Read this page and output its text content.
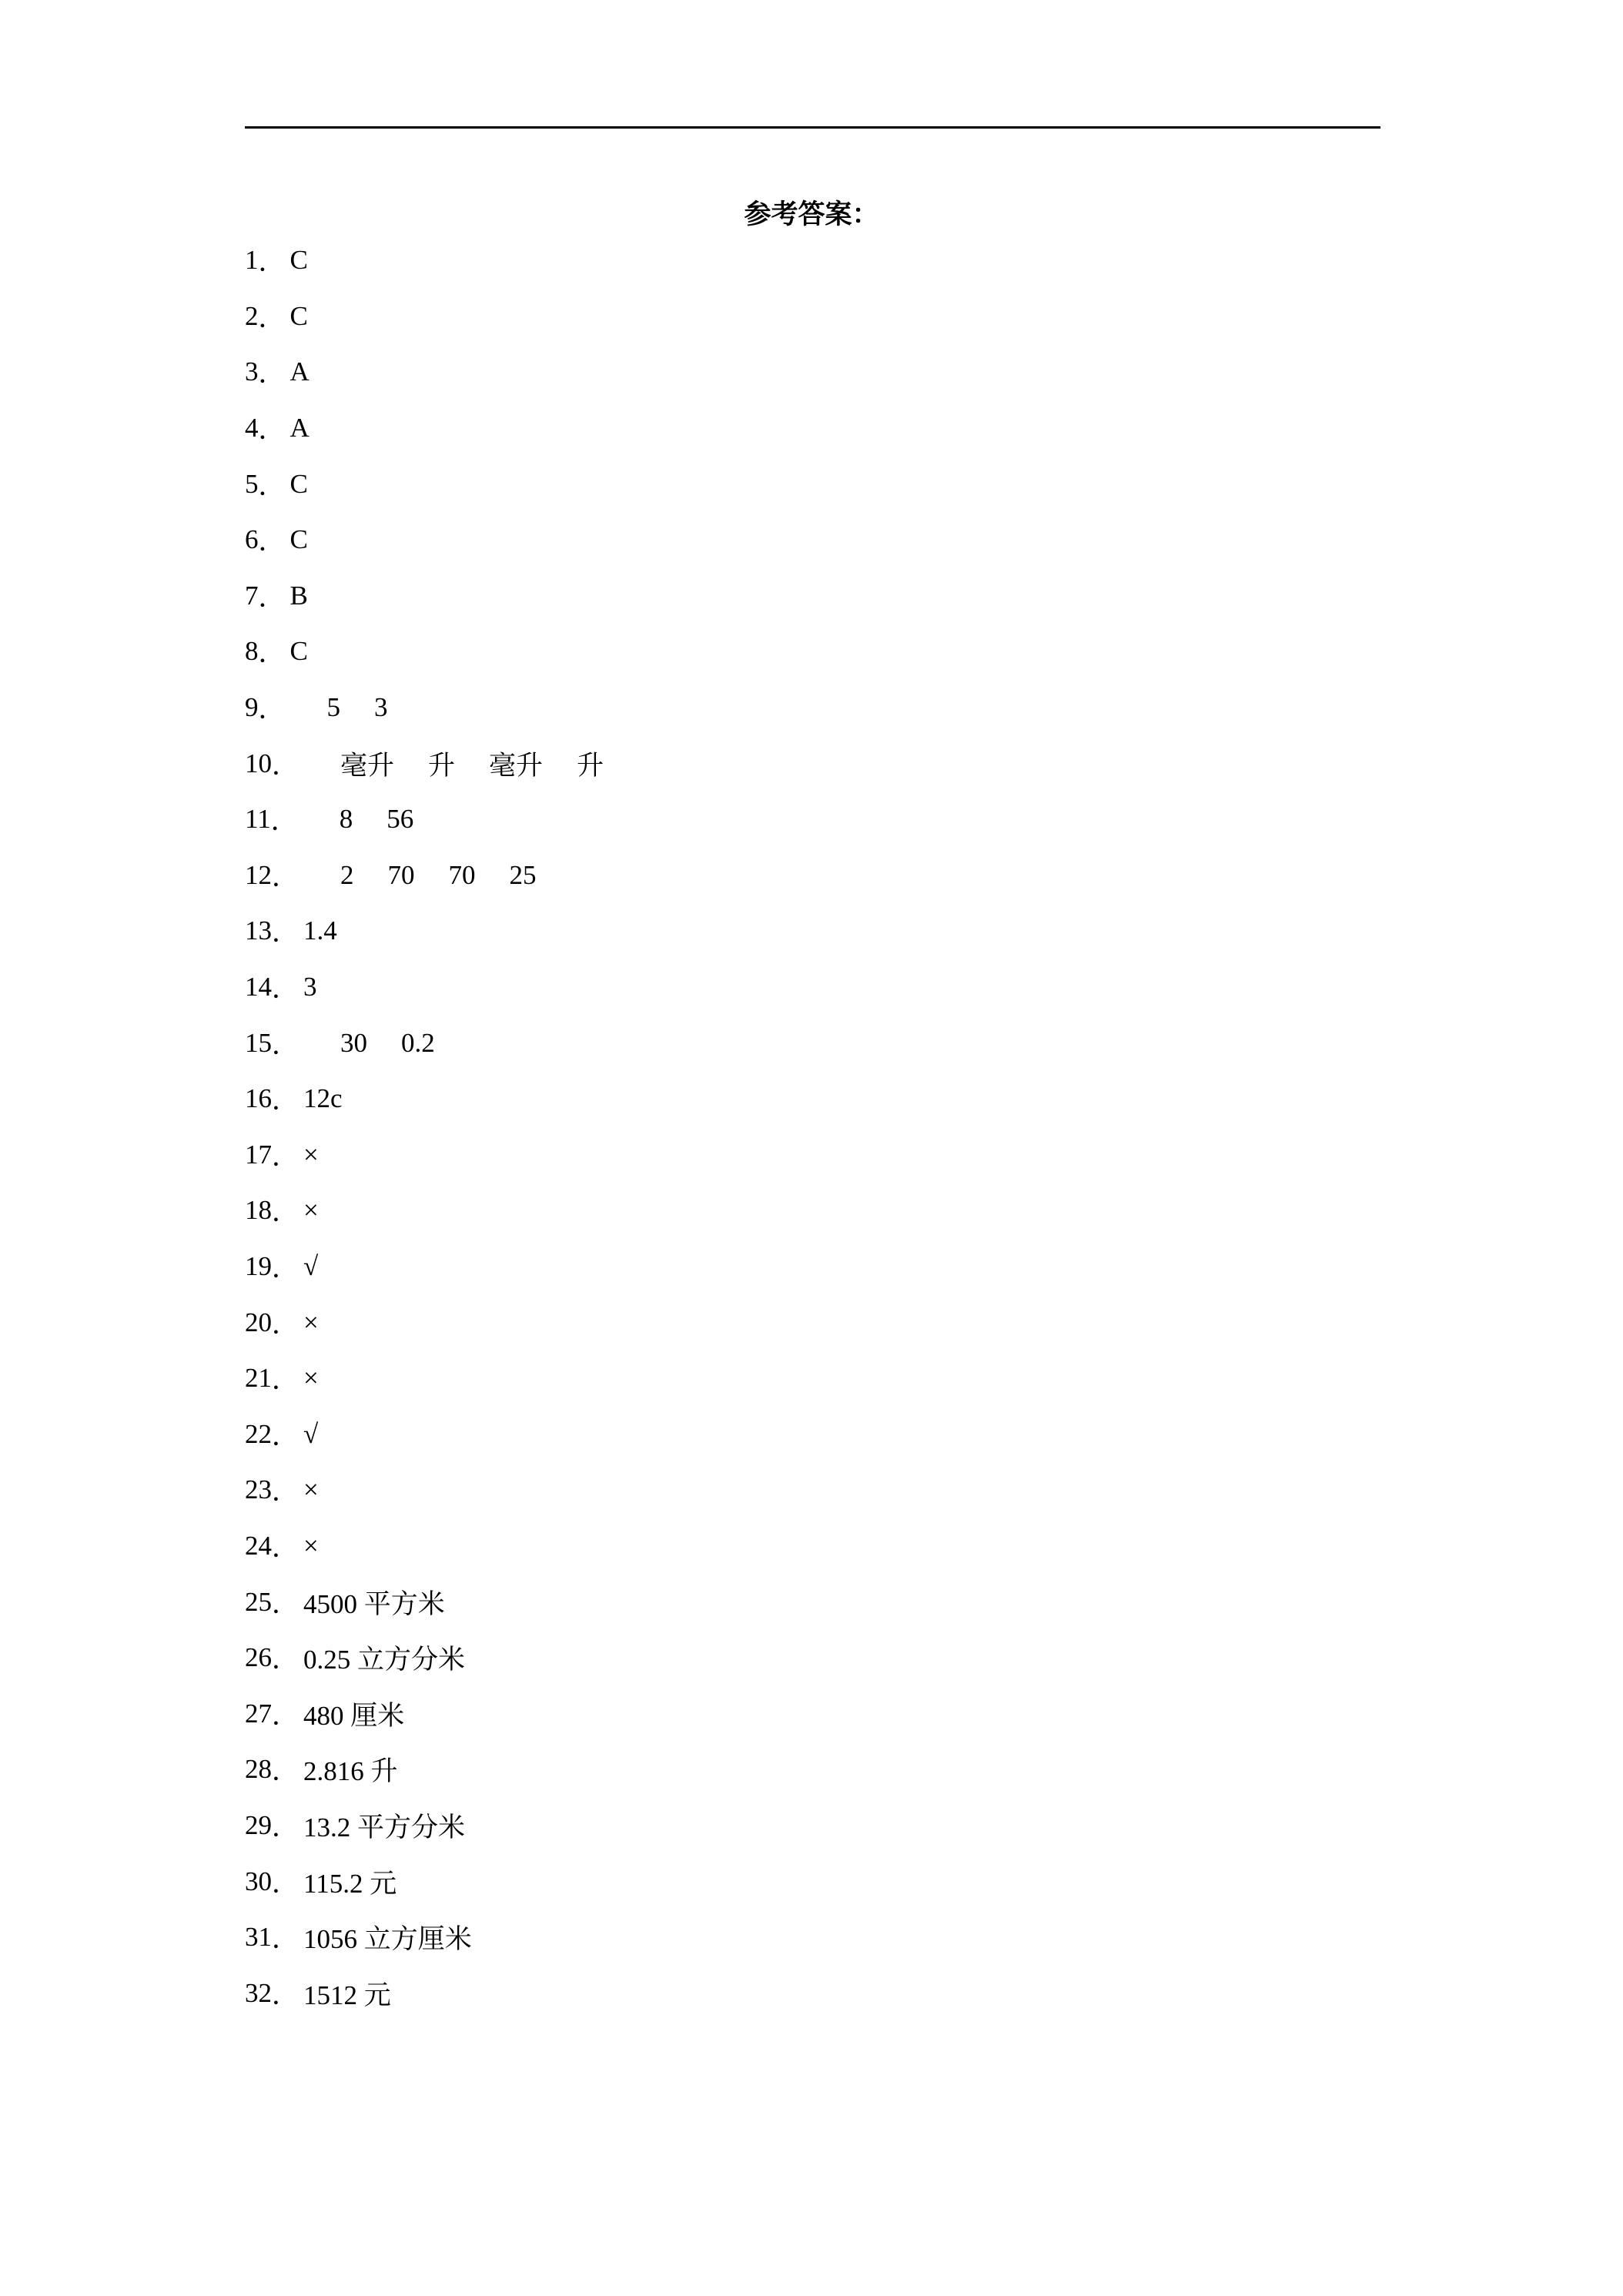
参考答案：
1 ． C
2 ． C
3 ． A
4 ． A
5 ． C
6 ． C
7 ． B
8 ． C
9 ． 5 3
10 ． 毫升 升 毫升 升
11 ． 8 56
12 ． 2 70 70 25
13 ． 1.4
14 ． 3
15 ． 30 0.2
16 ． 12c
17 ． ×
18 ． ×
19 ． √
20 ． ×
21 ． ×
22 ． √
23 ． ×
24 ． ×
25 ． 4500 平方米
26 ． 0.25 立方分米
27 ． 480 厘米
28 ． 2.816 升
29 ． 13.2 平方分米
30 ． 115.2 元
31 ． 1056 立方厘米
32 ． 1512 元
